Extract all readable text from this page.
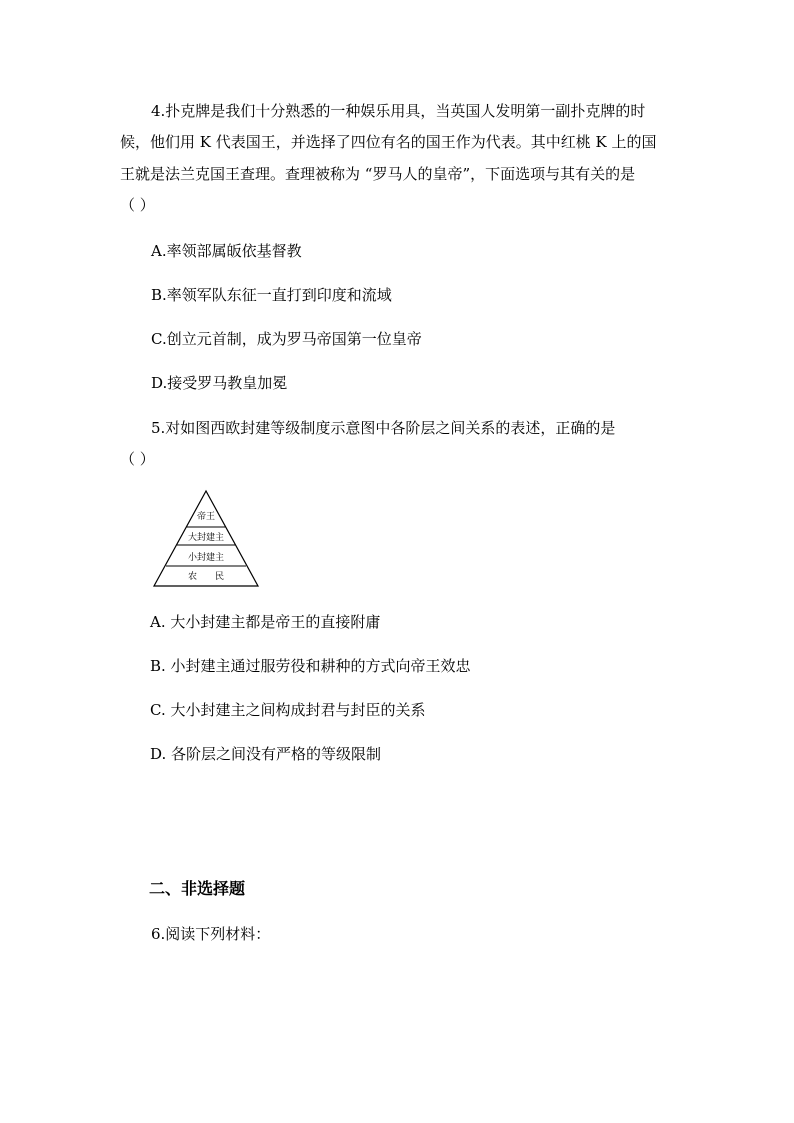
4.扑克牌是我们十分熟悉的一种娱乐用具，当英国人发明第一副扑克牌的时
候，他们用 K 代表国王，并选择了四位有名的国王作为代表。其中红桃 K 上的国
王就是法兰克国王查理。查理被称为 “罗马人的皇帝”，下面选项与其有关的是
（ ）
A.率领部属皈依基督教
B.率领军队东征一直打到印度和流域
C.创立元首制，成为罗马帝国第一位皇帝
D.接受罗马教皇加冕
5.对如图西欧封建等级制度示意图中各阶层之间关系的表述，正确的是
（ ）
帝王
大封建主
小封建主
农　　民
A. 大小封建主都是帝王的直接附庸
B. 小封建主通过服劳役和耕种的方式向帝王效忠
C. 大小封建主之间构成封君与封臣的关系
D. 各阶层之间没有严格的等级限制
二、非选择题
6.阅读下列材料：
